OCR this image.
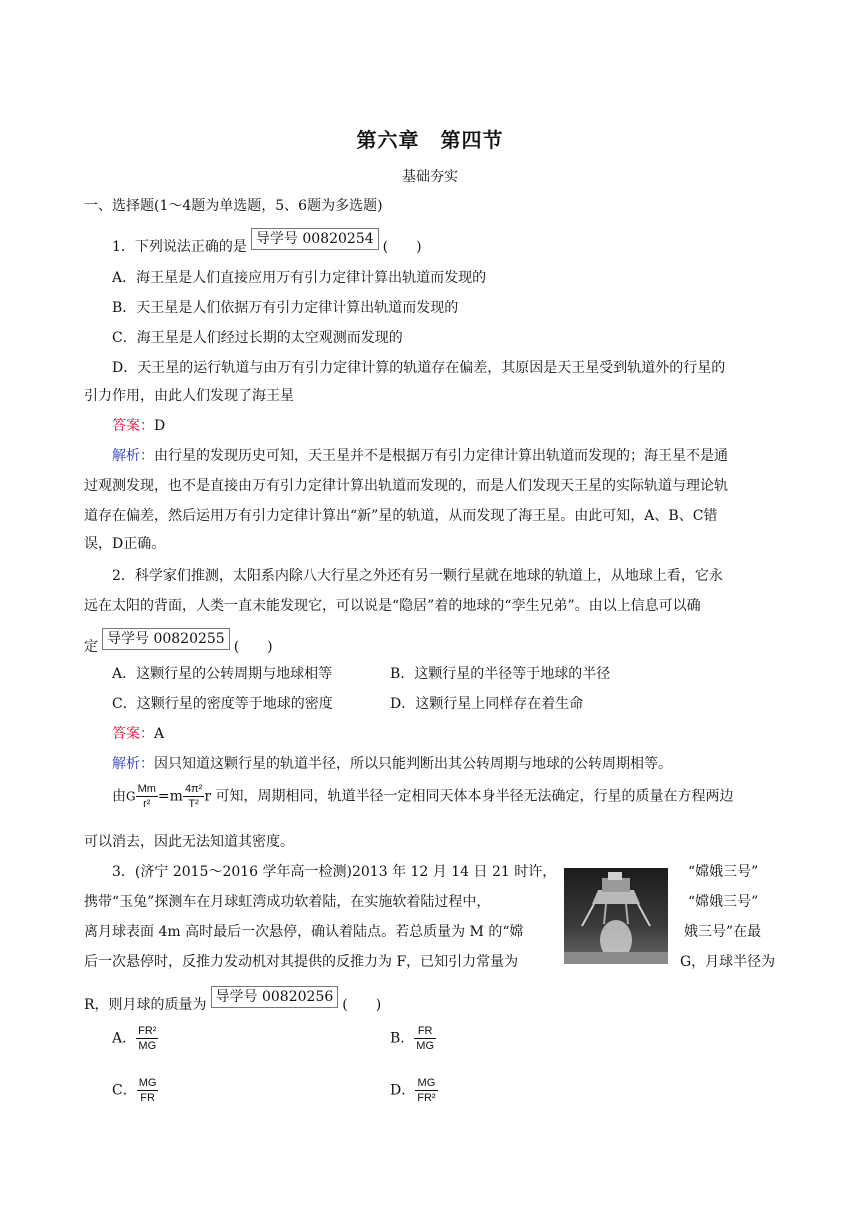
第六章　第四节
基础夯实
一、选择题(1～4题为单选题，5、6题为多选题)
1．下列说法正确的是 导学号 00820254 (　　)
A．海王星是人们直接应用万有引力定律计算出轨道而发现的
B．天王星是人们依据万有引力定律计算出轨道而发现的
C．海王星是人们经过长期的太空观测而发现的
D．天王星的运行轨道与由万有引力定律计算的轨道存在偏差，其原因是天王星受到轨道外的行星的
引力作用，由此人们发现了海王星
答案：D
解析：由行星的发现历史可知，天王星并不是根据万有引力定律计算出轨道而发现的；海王星不是通
过观测发现，也不是直接由万有引力定律计算出轨道而发现的，而是人们发现天王星的实际轨道与理论轨
道存在偏差，然后运用万有引力定律计算出“新”星的轨道，从而发现了海王星。由此可知，A、B、C错
误，D正确。
2．科学家们推测，太阳系内除八大行星之外还有另一颗行星就在地球的轨道上，从地球上看，它永
远在太阳的背面，人类一直未能发现它，可以说是“隐居”着的地球的“孪生兄弟”。由以上信息可以确
定 导学号 00820255 (　　)
A．这颗行星的公转周期与地球相等	B．这颗行星的半径等于地球的半径
C．这颗行星的密度等于地球的密度	D．这颗行星上同样存在着生命
答案：A
解析：因只知道这颗行星的轨道半径，所以只能判断出其公转周期与地球的公转周期相等。
由G $\frac{Mm}{\text{r²}} =m \frac{\text{4π²}}{\text{T²}}$ r 可知，周期相同，轨道半径一定相同天体本身半径无法确定，行星的质量在方程两边
可以消去，因此无法知道其密度。
3．(济宁 2015～2016 学年高一检测)2013 年 12 月 14 日 21 时许，	“嫦娥三号”
携带“玉兔”探测车在月球虹湾成功软着陆，在实施软着陆过程中，	“嫦娥三号”
离月球表面 4m 高时最后一次悬停，确认着陆点。若总质量为 M 的“嫦	娥三号”在最
后一次悬停时，反推力发动机对其提供的反推力为 F，已知引力常量为	G，月球半径为
R，则月球的质量为 导学号 00820256 (　　)
A． $\frac{\text{FR²}}{MG}$	B． $\frac{FR}{MG}$
C． $\frac{MG}{FR}$	D． $\frac{MG}{\text{FR²}}$
